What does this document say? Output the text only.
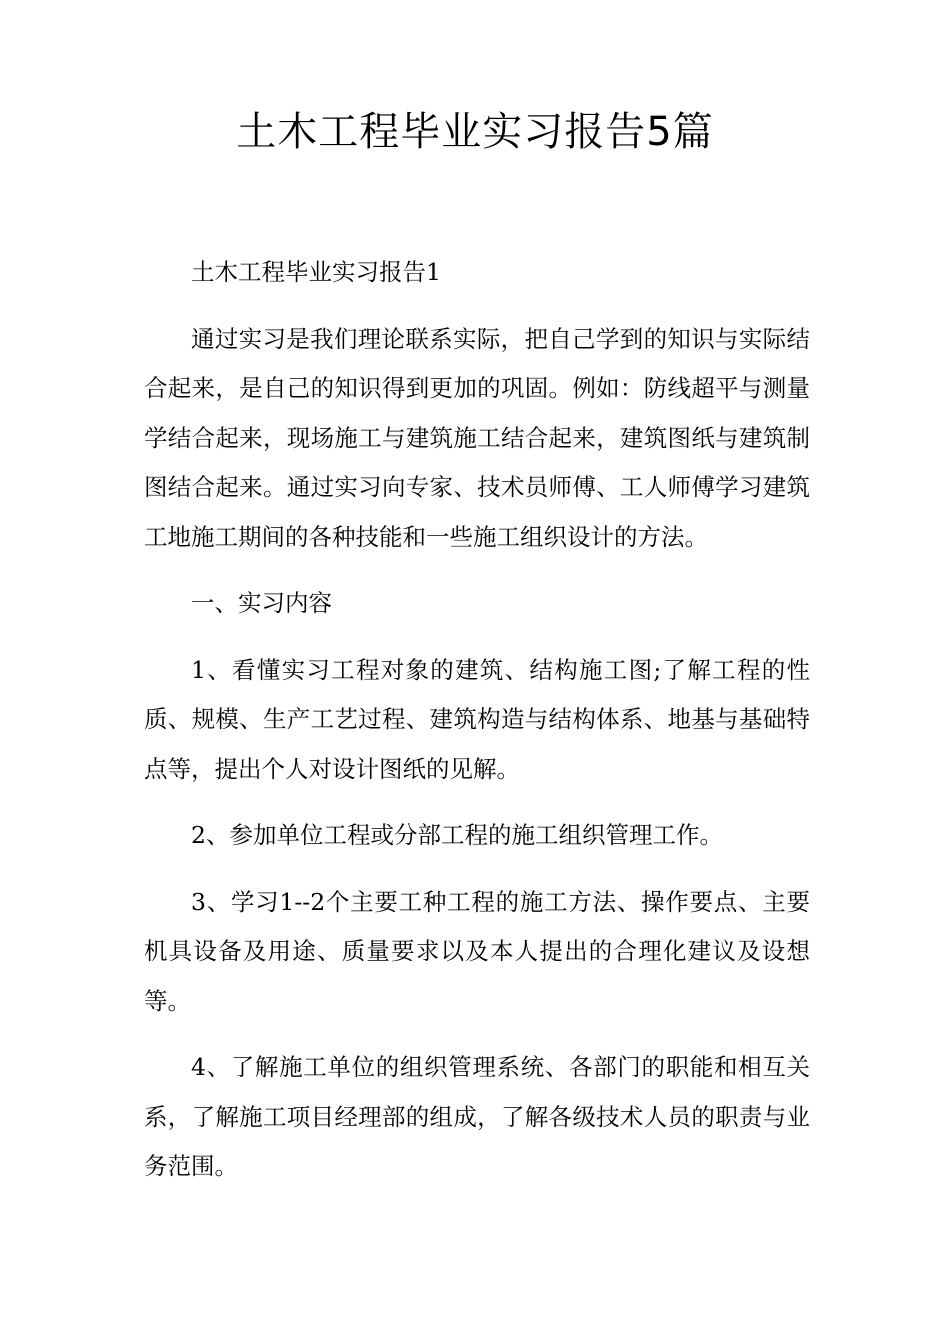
土木工程毕业实习报告5篇

土木工程毕业实习报告1

通过实习是我们理论联系实际，把自己学到的知识与实际结合起来，是自己的知识得到更加的巩固。例如：防线超平与测量学结合起来，现场施工与建筑施工结合起来，建筑图纸与建筑制图结合起来。通过实习向专家、技术员师傅、工人师傅学习建筑工地施工期间的各种技能和一些施工组织设计的方法。

一、实习内容

1、看懂实习工程对象的建筑、结构施工图;了解工程的性质、规模、生产工艺过程、建筑构造与结构体系、地基与基础特点等，提出个人对设计图纸的见解。

2、参加单位工程或分部工程的施工组织管理工作。

3、学习1--2个主要工种工程的施工方法、操作要点、主要机具设备及用途、质量要求以及本人提出的合理化建议及设想等。

4、了解施工单位的组织管理系统、各部门的职能和相互关系，了解施工项目经理部的组成，了解各级技术人员的职责与业务范围。
